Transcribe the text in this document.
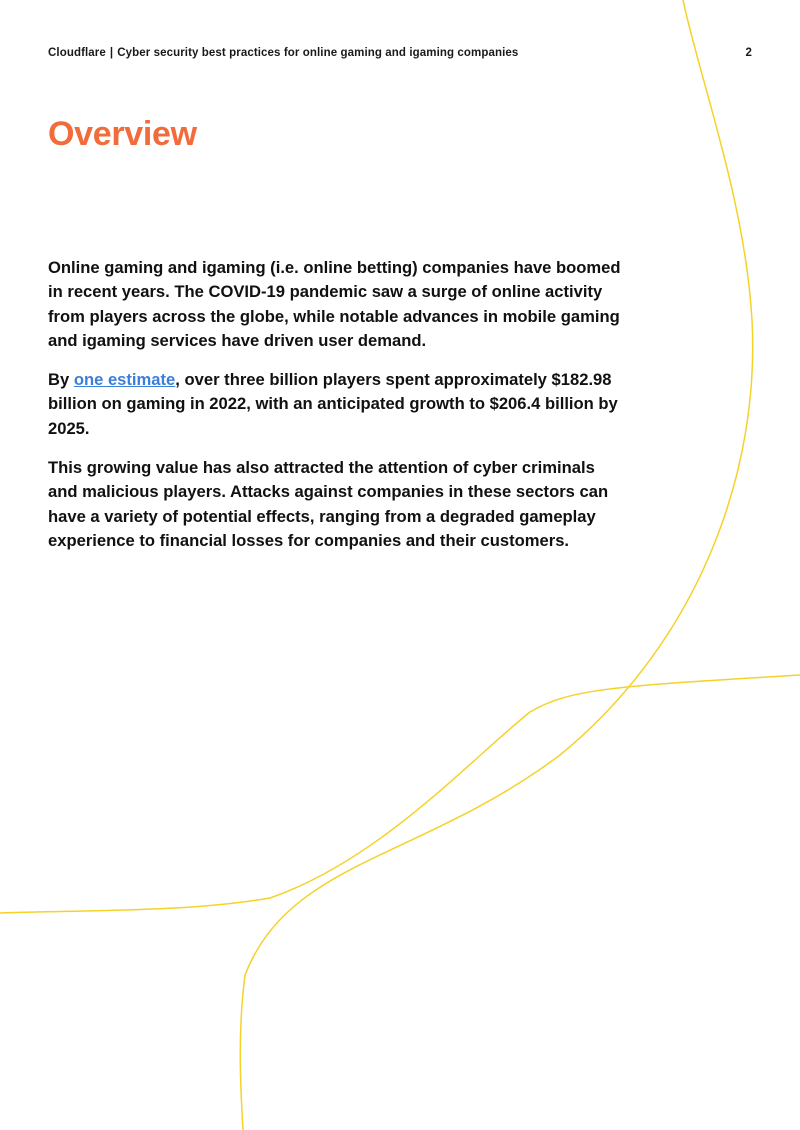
Cloudflare | Cyber security best practices for online gaming and igaming companies	2
Overview

Online gaming and igaming (i.e. online betting) companies have boomed in recent years. The COVID-19 pandemic saw a surge of online activity from players across the globe, while notable advances in mobile gaming and igaming services have driven user demand.

By one estimate, over three billion players spent approximately $182.98 billion on gaming in 2022, with an anticipated growth to $206.4 billion by 2025.

This growing value has also attracted the attention of cyber criminals and malicious players. Attacks against companies in these sectors can have a variety of potential effects, ranging from a degraded gameplay experience to financial losses for companies and their customers.
